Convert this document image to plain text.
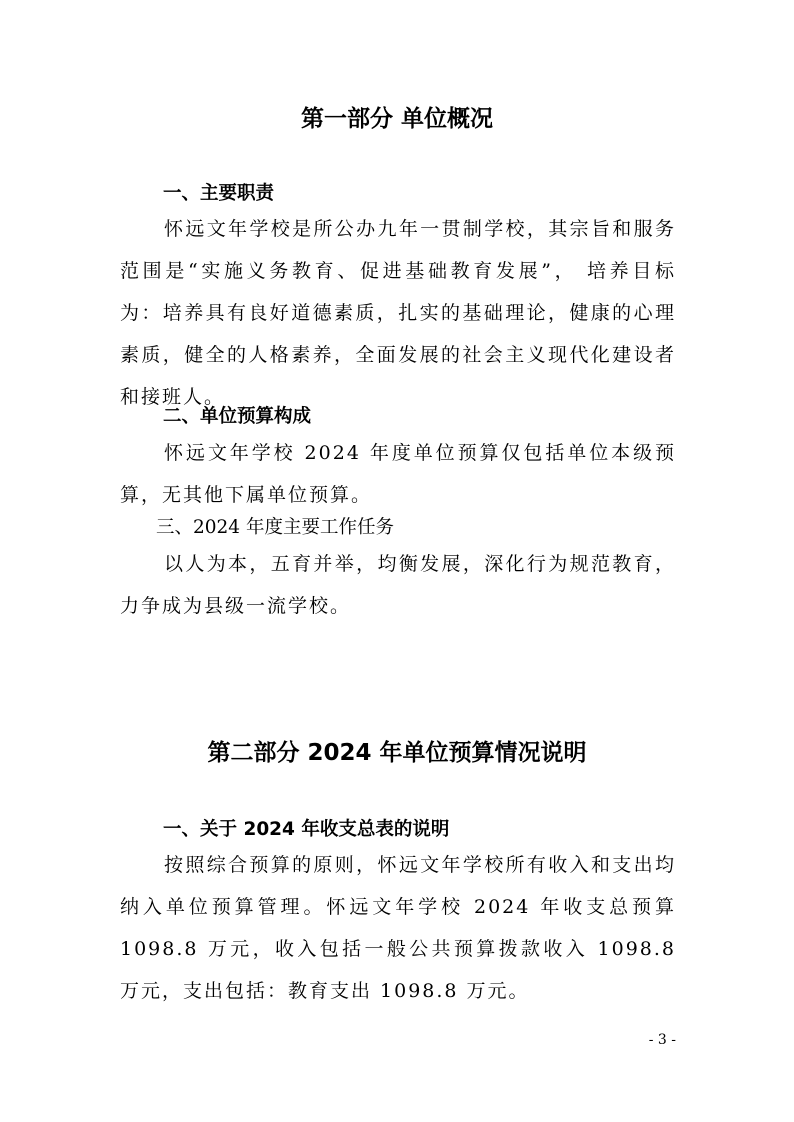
第一部分 单位概况
一、主要职责

怀远文年学校是所公办九年一贯制学校，其宗旨和服务范围是“实施义务教育、促进基础教育发展”， 培养目标为：培养具有良好道德素质，扎实的基础理论，健康的心理素质，健全的人格素养，全面发展的社会主义现代化建设者和接班人。

二、单位预算构成

怀远文年学校 2024 年度单位预算仅包括单位本级预算，无其他下属单位预算。

三、2024 年度主要工作任务

以人为本，五育并举，均衡发展，深化行为规范教育，力争成为县级一流学校。

第二部分 2024 年单位预算情况说明
一、关于 2024 年收支总表的说明

按照综合预算的原则，怀远文年学校所有收入和支出均纳入单位预算管理。怀远文年学校 2024 年收支总预算 1098.8 万元，收入包括一般公共预算拨款收入 1098.8 万元，支出包括：教育支出 1098.8 万元。

- 3 -
